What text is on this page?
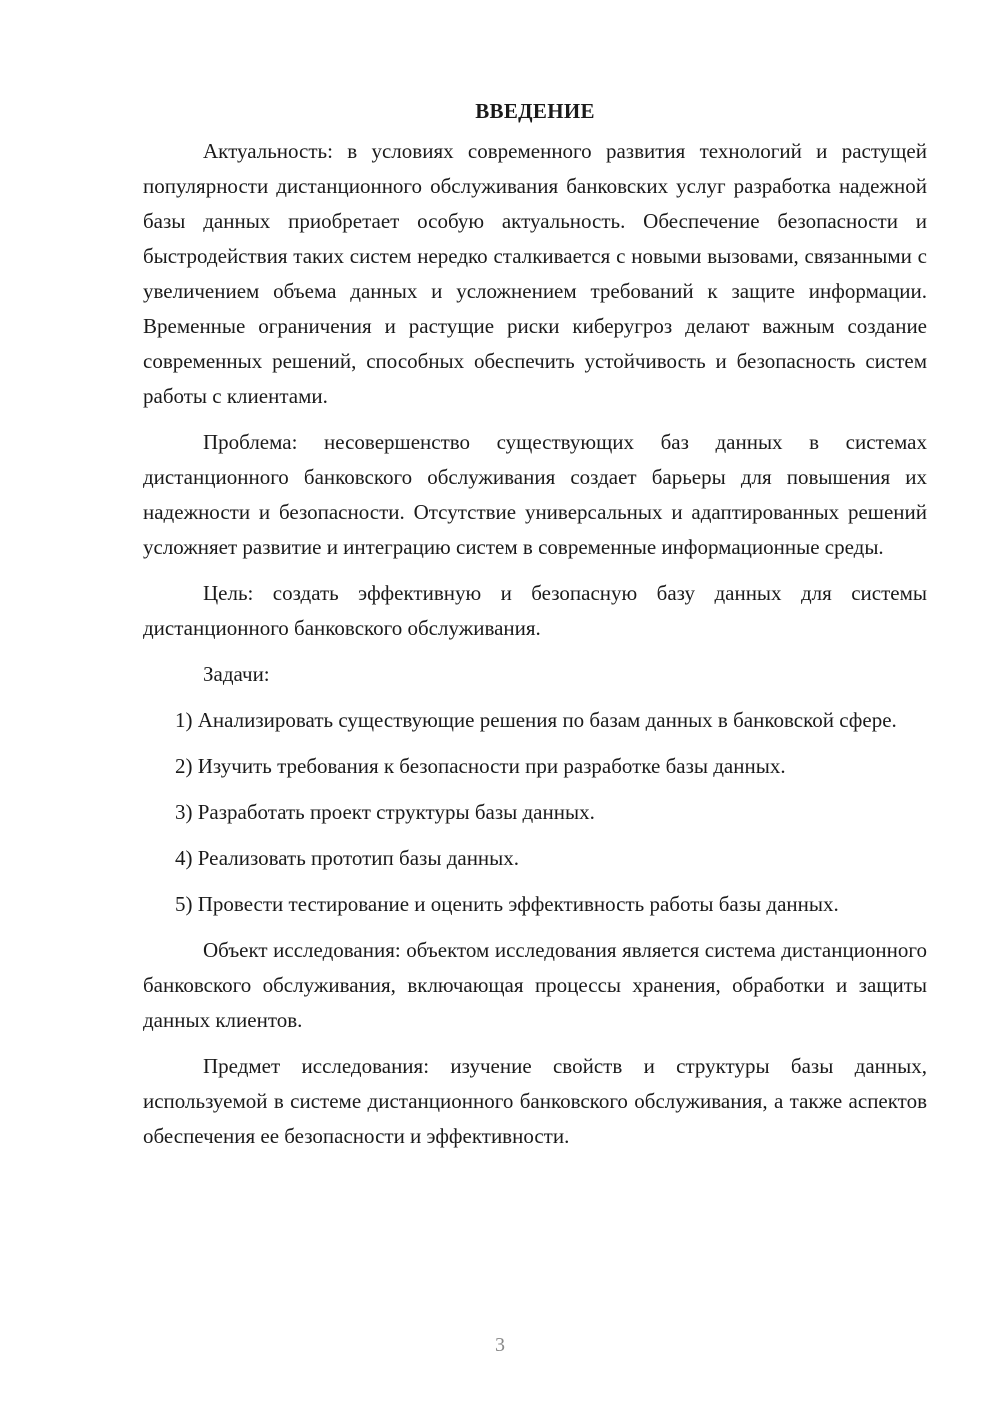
ВВЕДЕНИЕ

Актуальность: в условиях современного развития технологий и растущей популярности дистанционного обслуживания банковских услуг разработка надежной базы данных приобретает особую актуальность. Обеспечение безопасности и быстродействия таких систем нередко сталкивается с новыми вызовами, связанными с увеличением объема данных и усложнением требований к защите информации. Временные ограничения и растущие риски киберугроз делают важным создание современных решений, способных обеспечить устойчивость и безопасность систем работы с клиентами.

Проблема: несовершенство существующих баз данных в системах дистанционного банковского обслуживания создает барьеры для повышения их надежности и безопасности. Отсутствие универсальных и адаптированных решений усложняет развитие и интеграцию систем в современные информационные среды.

Цель: создать эффективную и безопасную базу данных для системы дистанционного банковского обслуживания.

Задачи:

1) Анализировать существующие решения по базам данных в банковской сфере.

2) Изучить требования к безопасности при разработке базы данных.

3) Разработать проект структуры базы данных.

4) Реализовать прототип базы данных.

5) Провести тестирование и оценить эффективность работы базы данных.

Объект исследования: объектом исследования является система дистанционного банковского обслуживания, включающая процессы хранения, обработки и защиты данных клиентов.

Предмет исследования: изучение свойств и структуры базы данных, используемой в системе дистанционного банковского обслуживания, а также аспектов обеспечения ее безопасности и эффективности.

3
